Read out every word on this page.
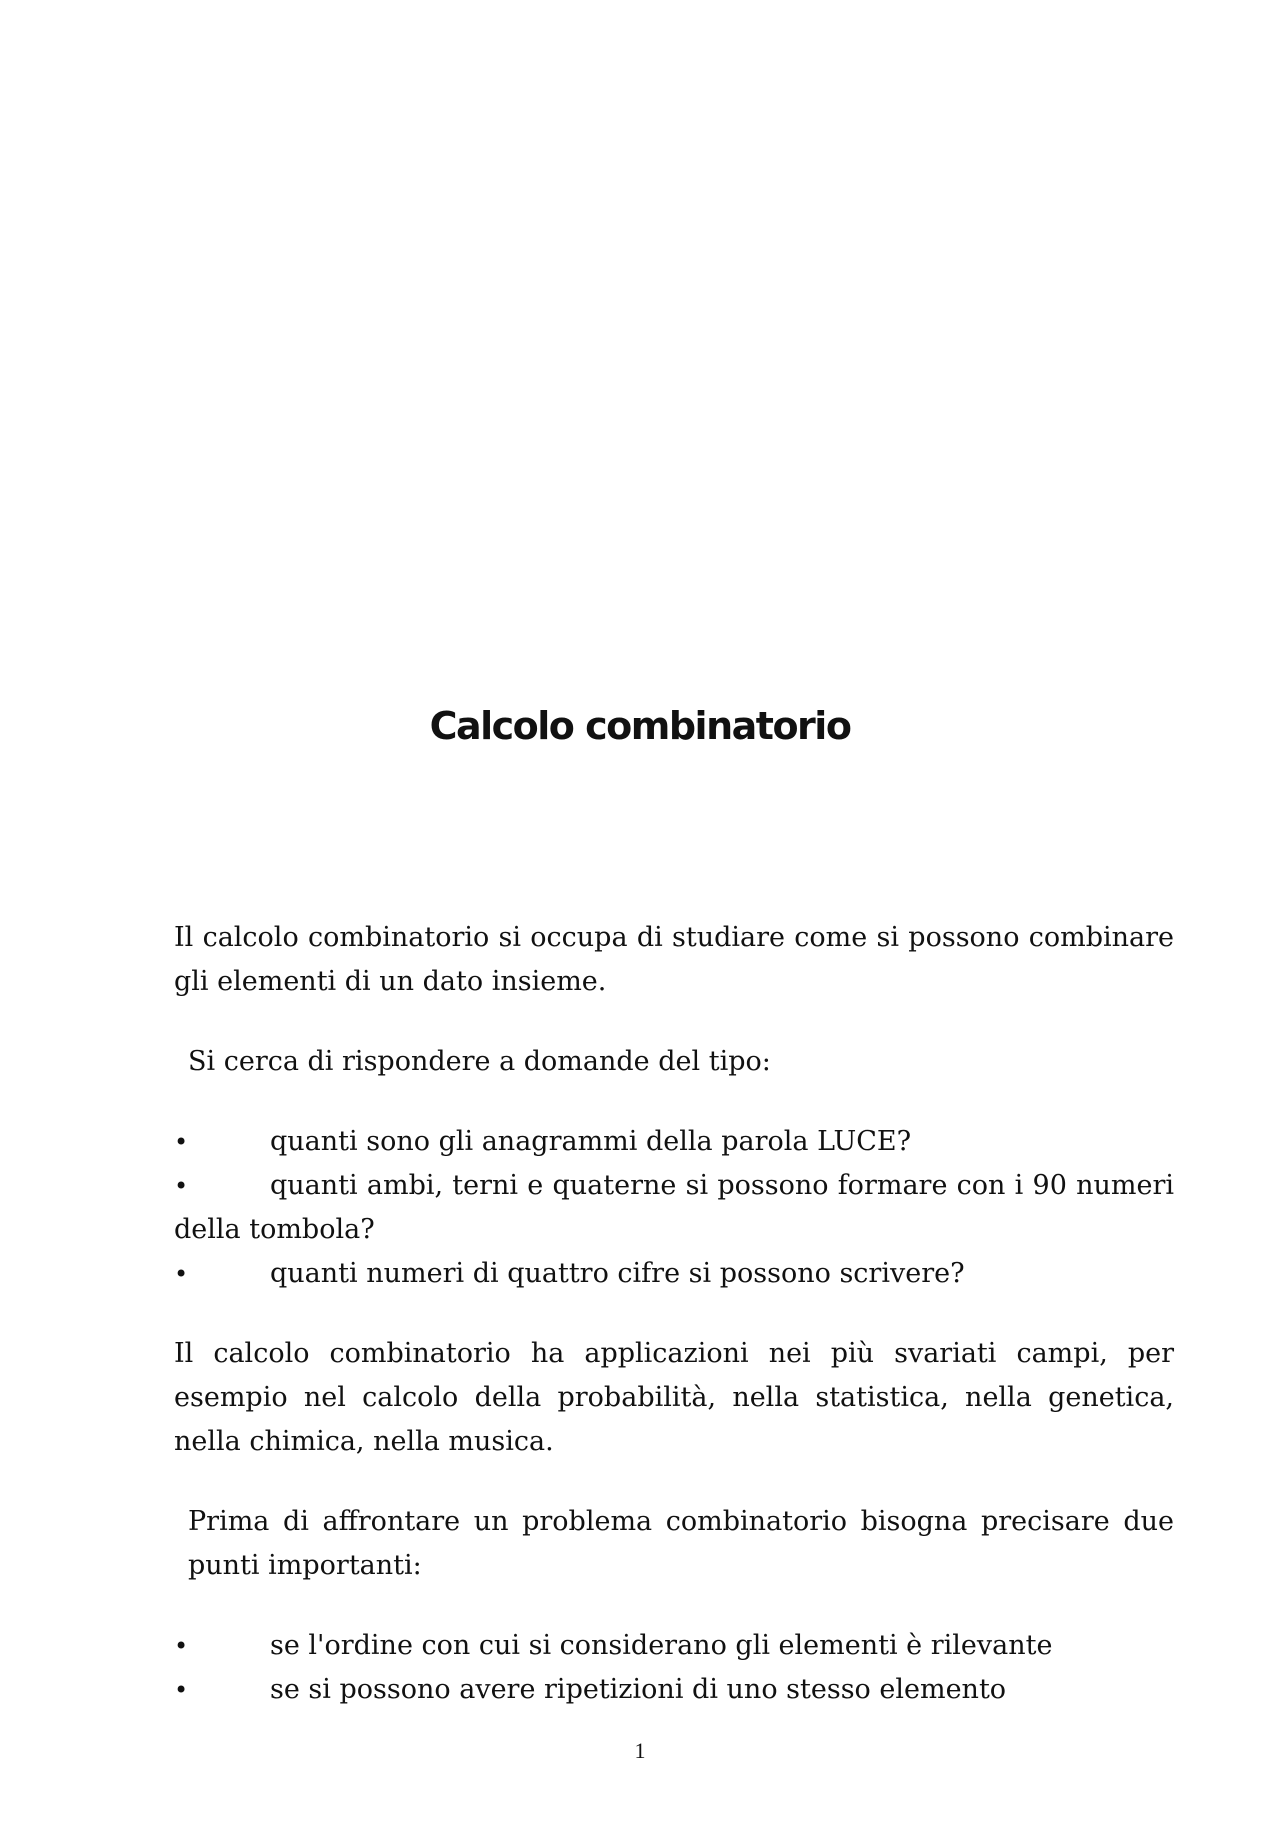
Calcolo combinatorio

Il calcolo combinatorio si occupa di studiare come si possono combinare gli elementi di un dato insieme.

Si cerca di rispondere a domande del tipo:

•	quanti sono gli anagrammi della parola LUCE?
•	quanti ambi, terni e quaterne si possono formare con i 90 numeri della tombola?
•	quanti numeri di quattro cifre si possono scrivere?

Il calcolo combinatorio ha applicazioni nei più svariati campi, per esempio nel calcolo della probabilità, nella statistica, nella genetica, nella chimica, nella musica.

Prima di affrontare un problema combinatorio bisogna precisare due punti importanti:

•	se l'ordine con cui si considerano gli elementi è rilevante
•	se si possono avere ripetizioni di uno stesso elemento
1
